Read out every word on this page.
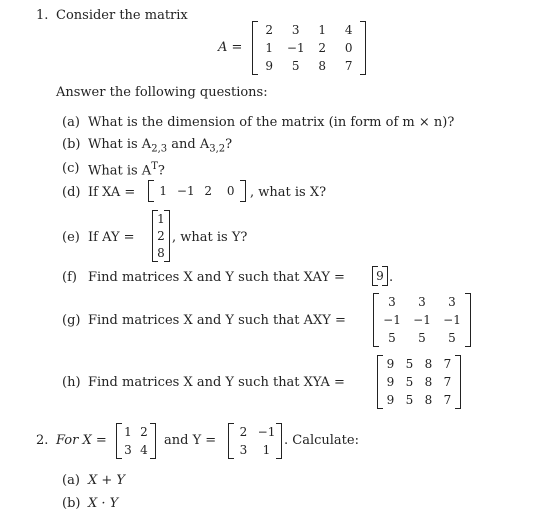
1. Consider the matrix
A =
2	3	1	4
1	−1	2	0
9	5	8	7
Answer the following questions:
(a) What is the dimension of the matrix (in form of m × n)?
(b) What is $A_{2,3}$ and $A_{3,2}$?
(c) What is $A^T$?
(d) If XA =	1 −1 2	0	, what is X?
(e) If AY =
1
2
8
, what is Y?
(f) Find matrices X and Y such that XAY =	9 .
(g) Find matrices X and Y such that AXY =
3	3	3
−1	−1	−1
5	5	5
(h) Find matrices X and Y such that XYA =
9 5 8 7
9 5 8 7
9 5 8 7
2. For X =
1 2
3 4
and Y =
2 −1
3	1
. Calculate:
(a) X + Y
(b) X · Y
